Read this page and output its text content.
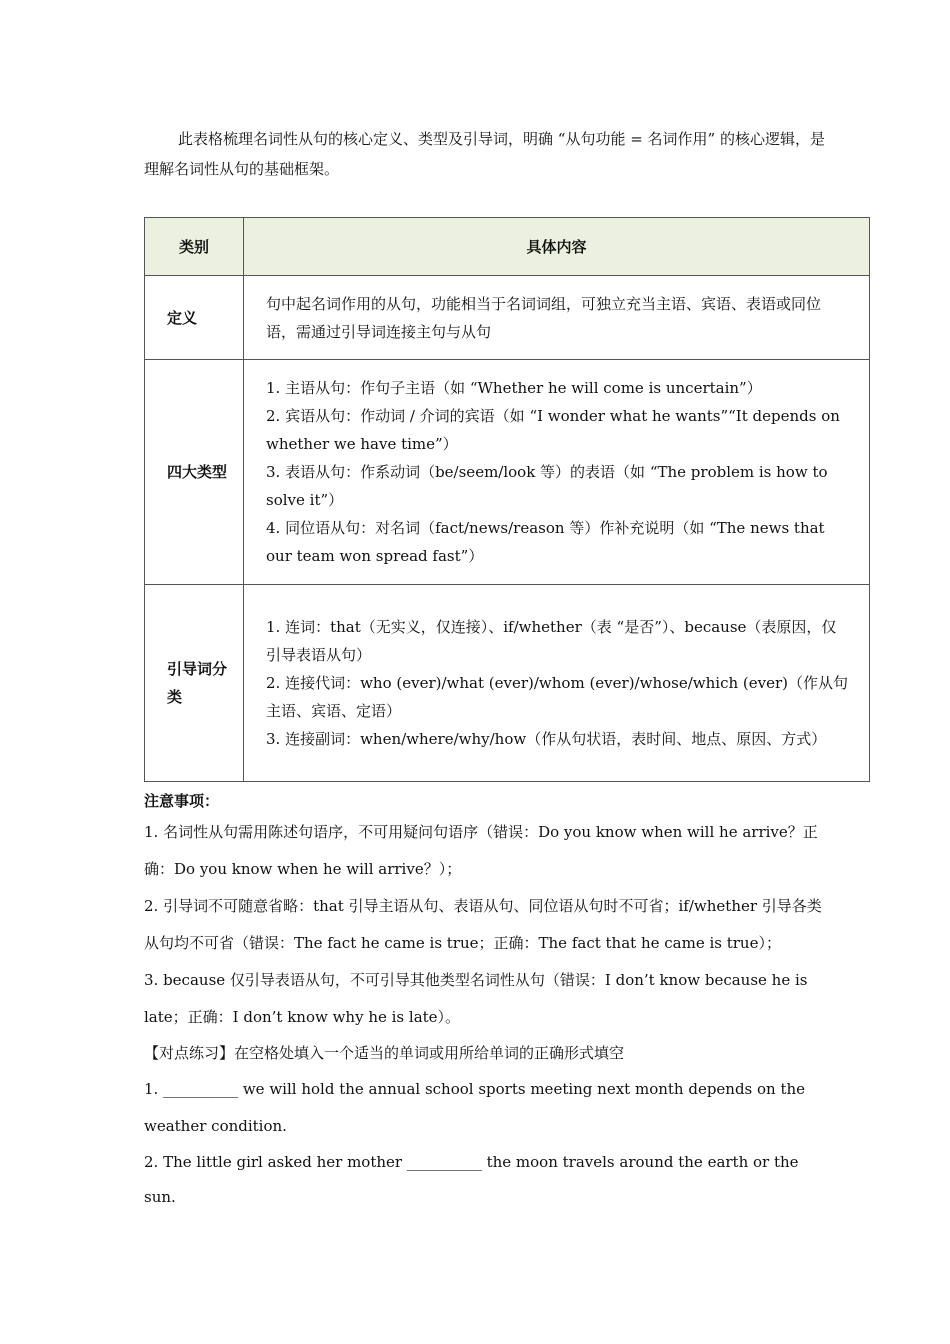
此表格梳理名词性从句的核心定义、类型及引导词，明确 “从句功能 = 名词作用” 的核心逻辑，是理解名词性从句的基础框架。

类别	具体内容
定义	句中起名词作用的从句，功能相当于名词词组，可独立充当主语、宾语、表语或同位语，需通过引导词连接主句与从句

四大类型	1. 主语从句：作句子主语（如 “Whether he will come is uncertain”）
2. 宾语从句：作动词 / 介词的宾语（如 “I wonder what he wants”“It depends on whether we have time”）
3. 表语从句：作系动词（be/seem/look 等）的表语（如 “The problem is how to solve it”）
4. 同位语从句：对名词（fact/news/reason 等）作补充说明（如 “The news that our team won spread fast”）

引导词分类	1. 连词：that（无实义，仅连接）、if/whether（表 “是否”）、because（表原因，仅引导表语从句）
2. 连接代词：who (ever)/what (ever)/whom (ever)/whose/which (ever)（作从句主语、宾语、定语）
3. 连接副词：when/where/why/how（作从句状语，表时间、地点、原因、方式）
注意事项：
1. 名词性从句需用陈述句语序，不可用疑问句语序（错误：Do you know when will he arrive？正确：Do you know when he will arrive？）；
2. 引导词不可随意省略：that 引导主语从句、表语从句、同位语从句时不可省；if/whether 引导各类从句均不可省（错误：The fact he came is true；正确：The fact that he came is true）；
3. because 仅引导表语从句，不可引导其他类型名词性从句（错误：I don’t know because he is late；正确：I don’t know why he is late）。
【对点练习】在空格处填入一个适当的单词或用所给单词的正确形式填空
1. __________ we will hold the annual school sports meeting next month depends on the weather condition.
2. The little girl asked her mother __________ the moon travels around the earth or the sun.
